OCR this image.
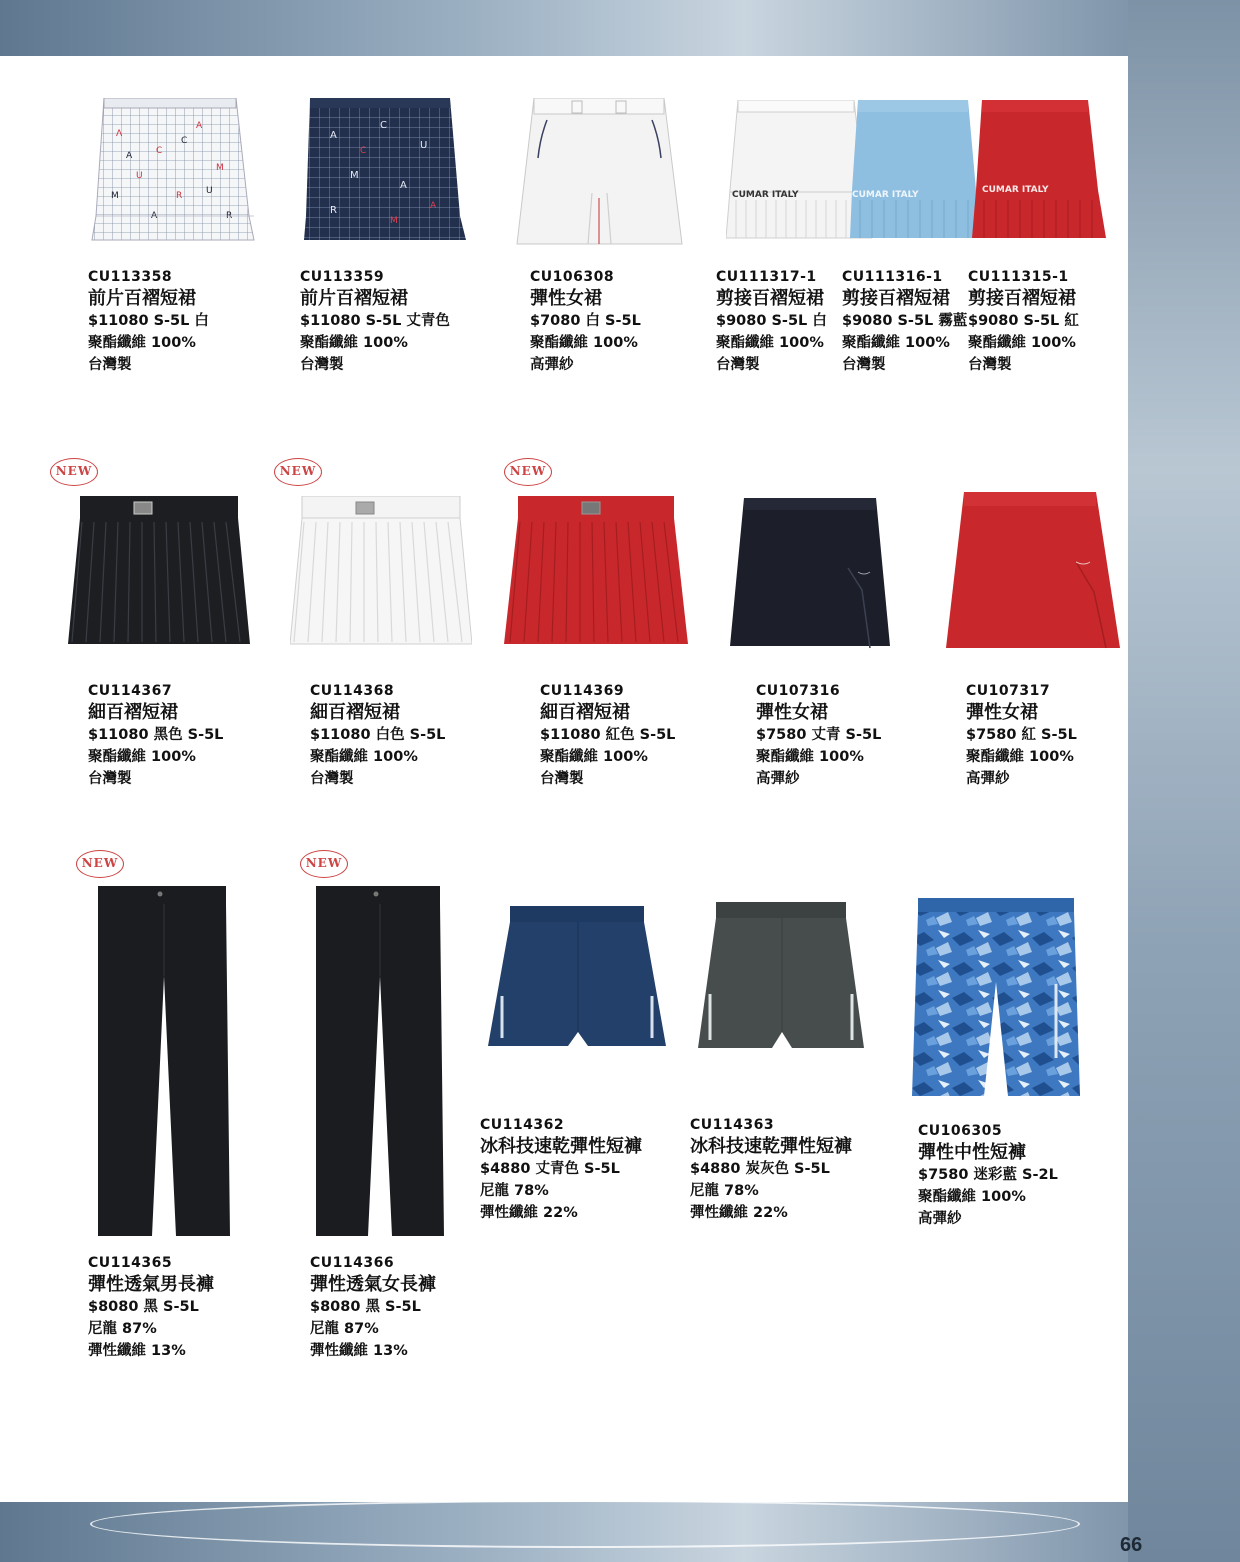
66
Λ
C
A
U
M
R
A
C
U
M
A	R
CU113358
前片百褶短裙
$11080 S-5L 白
聚酯纖維 100%
台灣製
A
C
U
M
A
R
C
A
M
CU113359
前片百褶短裙
$11080 S-5L 丈青色
聚酯纖維 100%
台灣製
CU106308
彈性女裙
$7080 白 S-5L
聚酯纖維 100%
高彈紗
CUMAR ITALY	CUMAR ITALY	CUMAR ITALY
CU111317-1
剪接百褶短裙
$9080 S-5L 白
聚酯纖維 100%
台灣製
CU111316-1
剪接百褶短裙
$9080 S-5L 霧藍
聚酯纖維 100%
台灣製
CU111315-1
剪接百褶短裙
$9080 S-5L 紅
聚酯纖維 100%
台灣製
NEW
CU114367
細百褶短裙
$11080 黑色 S-5L
聚酯纖維 100%
台灣製
NEW
CU114368
細百褶短裙
$11080 白色 S-5L
聚酯纖維 100%
台灣製
NEW
CU114369
細百褶短裙
$11080 紅色 S-5L
聚酯纖維 100%
台灣製
CU107316
彈性女裙
$7580 丈青 S-5L
聚酯纖維 100%
高彈紗
CU107317
彈性女裙
$7580 紅 S-5L
聚酯纖維 100%
高彈紗
NEW
CU114365
彈性透氣男長褲
$8080 黑 S-5L
尼龍 87%
彈性纖維 13%
NEW
CU114366
彈性透氣女長褲
$8080 黑 S-5L
尼龍 87%
彈性纖維 13%
CU114362
冰科技速乾彈性短褲
$4880 丈青色 S-5L
尼龍 78%
彈性纖維 22%
CU114363
冰科技速乾彈性短褲
$4880 炭灰色 S-5L
尼龍 78%
彈性纖維 22%
CU106305
彈性中性短褲
$7580 迷彩藍 S-2L
聚酯纖維 100%
高彈紗
